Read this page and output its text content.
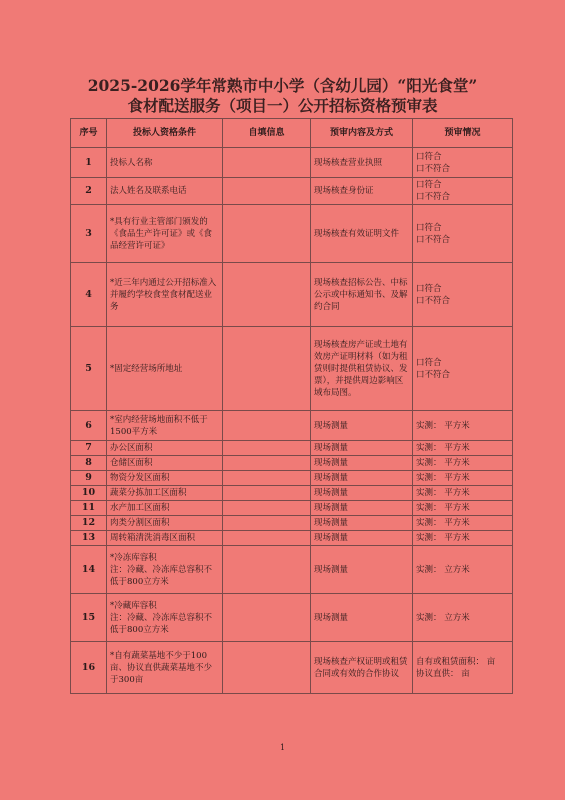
2025-2026学年常熟市中小学（含幼儿园）“阳光食堂”
食材配送服务（项目一）公开招标资格预审表
序号	投标人资格条件	自填信息	预审内容及方式	预审情况
1	投标人名称		现场核查营业执照	口符合
口不符合
2	法人姓名及联系电话		现场核查身份证	口符合
口不符合
3	*具有行业主管部门颁发的《食品生产许可证》或《食品经营许可证》		现场核查有效证明文件	口符合
口不符合
4	*近三年内通过公开招标准入并履约学校食堂食材配送业务		现场核查招标公告、中标公示或中标通知书、及解约合同	口符合
口不符合
5	*固定经营场所地址		现场核查房产证或土地有效房产证明材料（如为租赁则时提供租赁协议、发票），并提供周边影响区域布局图。	口符合
口不符合
6	*室内经营场地面积不低于1500平方米		现场测量	实测： 平方米
7	办公区面积		现场测量	实测： 平方米
8	仓储区面积		现场测量	实测： 平方米
9	物资分发区面积		现场测量	实测： 平方米
10	蔬菜分拣加工区面积		现场测量	实测： 平方米
11	水产加工区面积		现场测量	实测： 平方米
12	肉类分割区面积		现场测量	实测： 平方米
13	周转箱清洗消毒区面积		现场测量	实测： 平方米
14	*冷冻库容积
注：冷藏、冷冻库总容积不低于800立方米		现场测量	实测： 立方米
15	*冷藏库容积
注：冷藏、冷冻库总容积不低于800立方米		现场测量	实测： 立方米
16	*自有蔬菜基地不少于100亩、协议直供蔬菜基地不少于300亩		现场核查产权证明或租赁合同或有效的合作协议	自有或租赁面积： 亩
协议直供： 亩
1
